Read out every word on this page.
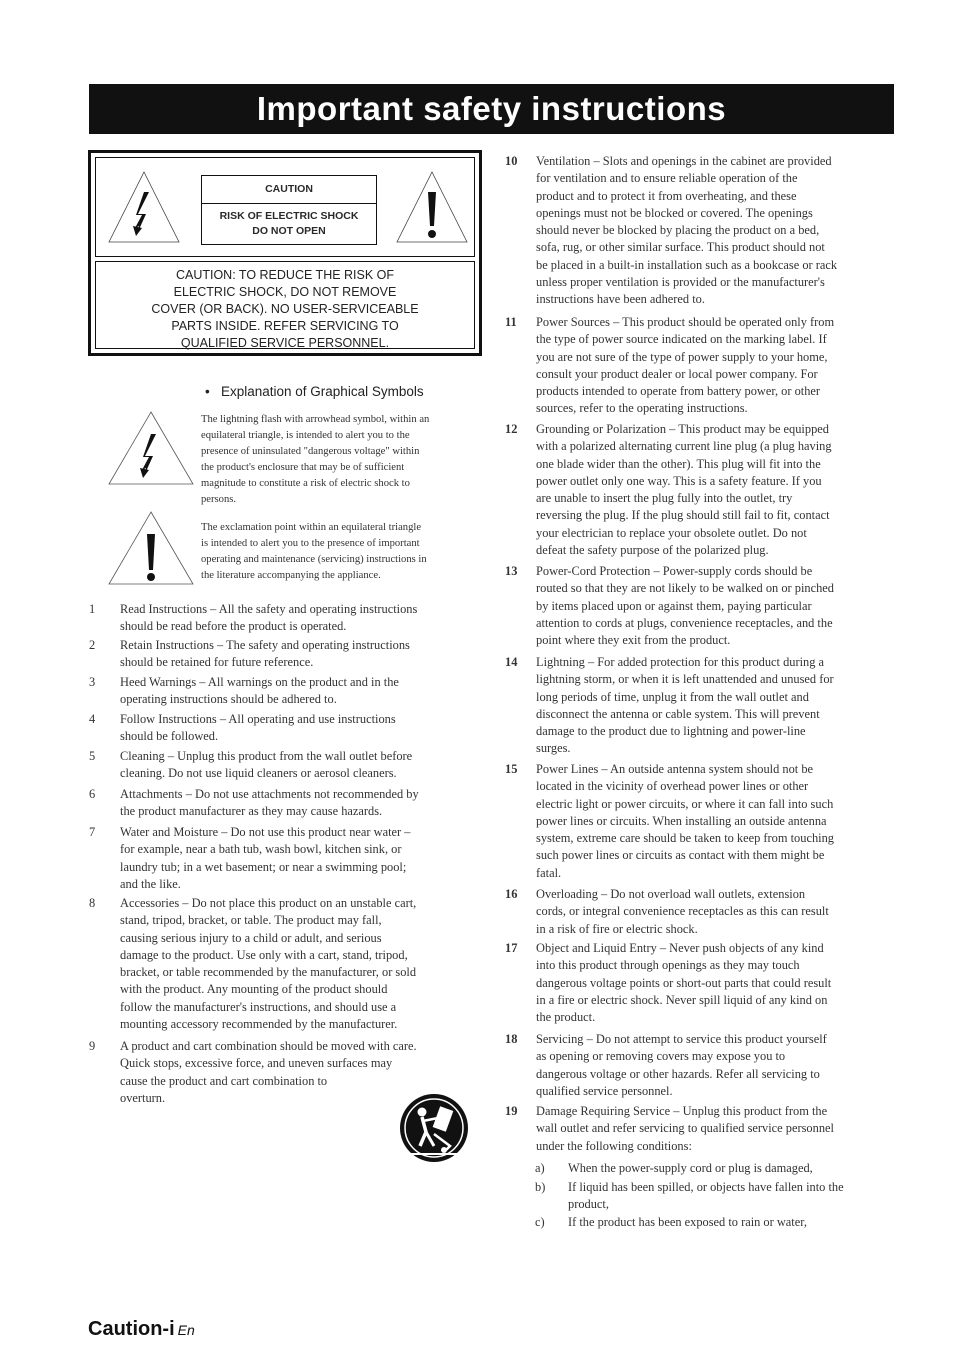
Important safety instructions
CAUTION
RISK OF ELECTRIC SHOCK
DO NOT OPEN
CAUTION: TO REDUCE THE RISK OF
ELECTRIC SHOCK, DO NOT REMOVE
COVER (OR BACK). NO USER-SERVICEABLE
PARTS INSIDE. REFER SERVICING TO
QUALIFIED SERVICE PERSONNEL.
•   Explanation of Graphical Symbols
The lightning flash with arrowhead symbol, within an
equilateral triangle, is intended to alert you to the
presence of uninsulated "dangerous voltage" within
the product's enclosure that may be of sufficient
magnitude to constitute a risk of electric shock to
persons.
The exclamation point within an equilateral triangle
is intended to alert you to the presence of important
operating and maintenance (servicing) instructions in
the literature accompanying the appliance.
1 Read Instructions – All the safety and operating instructions
should be read before the product is operated.
2 Retain Instructions – The safety and operating instructions
should be retained for future reference.
3 Heed Warnings – All warnings on the product and in the
operating instructions should be adhered to.
4 Follow Instructions – All operating and use instructions
should be followed.
5 Cleaning – Unplug this product from the wall outlet before
cleaning. Do not use liquid cleaners or aerosol cleaners.
6 Attachments – Do not use attachments not recommended by
the product manufacturer as they may cause hazards.
7 Water and Moisture – Do not use this product near water –
for example, near a bath tub, wash bowl, kitchen sink, or
laundry tub; in a wet basement; or near a swimming pool;
and the like.
8 Accessories – Do not place this product on an unstable cart,
stand, tripod, bracket, or table. The product may fall,
causing serious injury to a child or adult, and serious
damage to the product. Use only with a cart, stand, tripod,
bracket, or table recommended by the manufacturer, or sold
with the product. Any mounting of the product should
follow the manufacturer's instructions, and should use a
mounting accessory recommended by the manufacturer.
9 A product and cart combination should be moved with care.
Quick stops, excessive force, and uneven surfaces may
cause the product and cart combination to
overturn.
10 Ventilation – Slots and openings in the cabinet are provided
for ventilation and to ensure reliable operation of the
product and to protect it from overheating, and these
openings must not be blocked or covered. The openings
should never be blocked by placing the product on a bed,
sofa, rug, or other similar surface. This product should not
be placed in a built-in installation such as a bookcase or rack
unless proper ventilation is provided or the manufacturer's
instructions have been adhered to.
11 Power Sources – This product should be operated only from
the type of power source indicated on the marking label. If
you are not sure of the type of power supply to your home,
consult your product dealer or local power company. For
products intended to operate from battery power, or other
sources, refer to the operating instructions.
12 Grounding or Polarization – This product may be equipped
with a polarized alternating current line plug (a plug having
one blade wider than the other). This plug will fit into the
power outlet only one way. This is a safety feature. If you
are unable to insert the plug fully into the outlet, try
reversing the plug. If the plug should still fail to fit, contact
your electrician to replace your obsolete outlet. Do not
defeat the safety purpose of the polarized plug.
13 Power-Cord Protection – Power-supply cords should be
routed so that they are not likely to be walked on or pinched
by items placed upon or against them, paying particular
attention to cords at plugs, convenience receptacles, and the
point where they exit from the product.
14 Lightning – For added protection for this product during a
lightning storm, or when it is left unattended and unused for
long periods of time, unplug it from the wall outlet and
disconnect the antenna or cable system. This will prevent
damage to the product due to lightning and power-line
surges.
15 Power Lines – An outside antenna system should not be
located in the vicinity of overhead power lines or other
electric light or power circuits, or where it can fall into such
power lines or circuits. When installing an outside antenna
system, extreme care should be taken to keep from touching
such power lines or circuits as contact with them might be
fatal.
16 Overloading – Do not overload wall outlets, extension
cords, or integral convenience receptacles as this can result
in a risk of fire or electric shock.
17 Object and Liquid Entry – Never push objects of any kind
into this product through openings as they may touch
dangerous voltage points or short-out parts that could result
in a fire or electric shock. Never spill liquid of any kind on
the product.
18 Servicing – Do not attempt to service this product yourself
as opening or removing covers may expose you to
dangerous voltage or other hazards. Refer all servicing to
qualified service personnel.
19 Damage Requiring Service – Unplug this product from the
wall outlet and refer servicing to qualified service personnel
under the following conditions:
a) When the power-supply cord or plug is damaged,
b) If liquid has been spilled, or objects have fallen into the
product,
c) If the product has been exposed to rain or water,
Caution-i En
